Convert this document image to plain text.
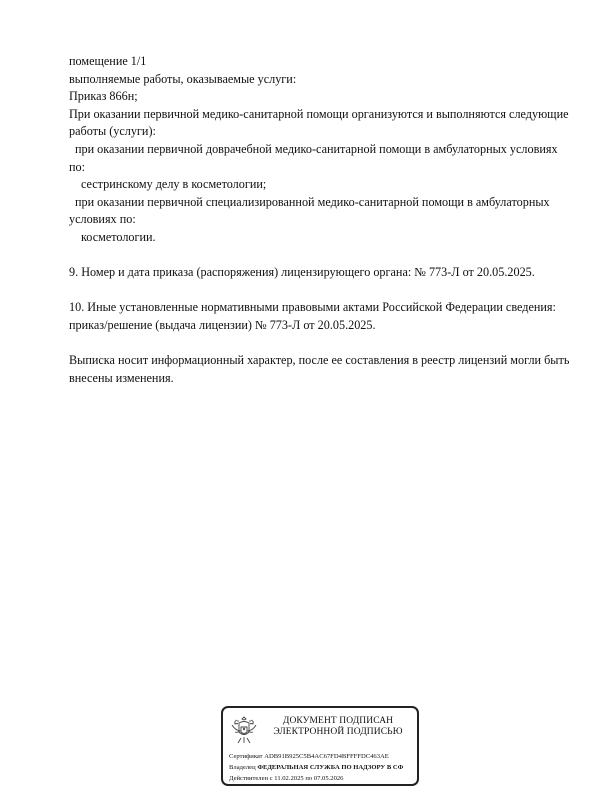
помещение 1/1
выполняемые работы, оказываемые услуги:
Приказ 866н;
При оказании первичной медико-санитарной помощи организуются и выполняются следующие
работы (услуги):
при оказании первичной доврачебной медико-санитарной помощи в амбулаторных условиях
по:
сестринскому делу в косметологии;
при оказании первичной специализированной медико-санитарной помощи в амбулаторных
условиях по:
косметологии.
9. Номер и дата приказа (распоряжения) лицензирующего органа: № 773-Л от 20.05.2025.
10. Иные установленные нормативными правовыми актами Российской Федерации сведения:
приказ/решение (выдача лицензии) № 773-Л от 20.05.2025.
Выписка носит информационный характер, после ее составления в реестр лицензий могли быть
внесены изменения.
ДОКУМЕНТ ПОДПИСАН
ЭЛЕКТРОННОЙ ПОДПИСЬЮ
Сертификат ADB91B925C5B4AC67FD4BFFFFDC463AE
Владелец ФЕДЕРАЛЬНАЯ СЛУЖБА ПО НАДЗОРУ В СФ
Действителен с 11.02.2025 по 07.05.2026
